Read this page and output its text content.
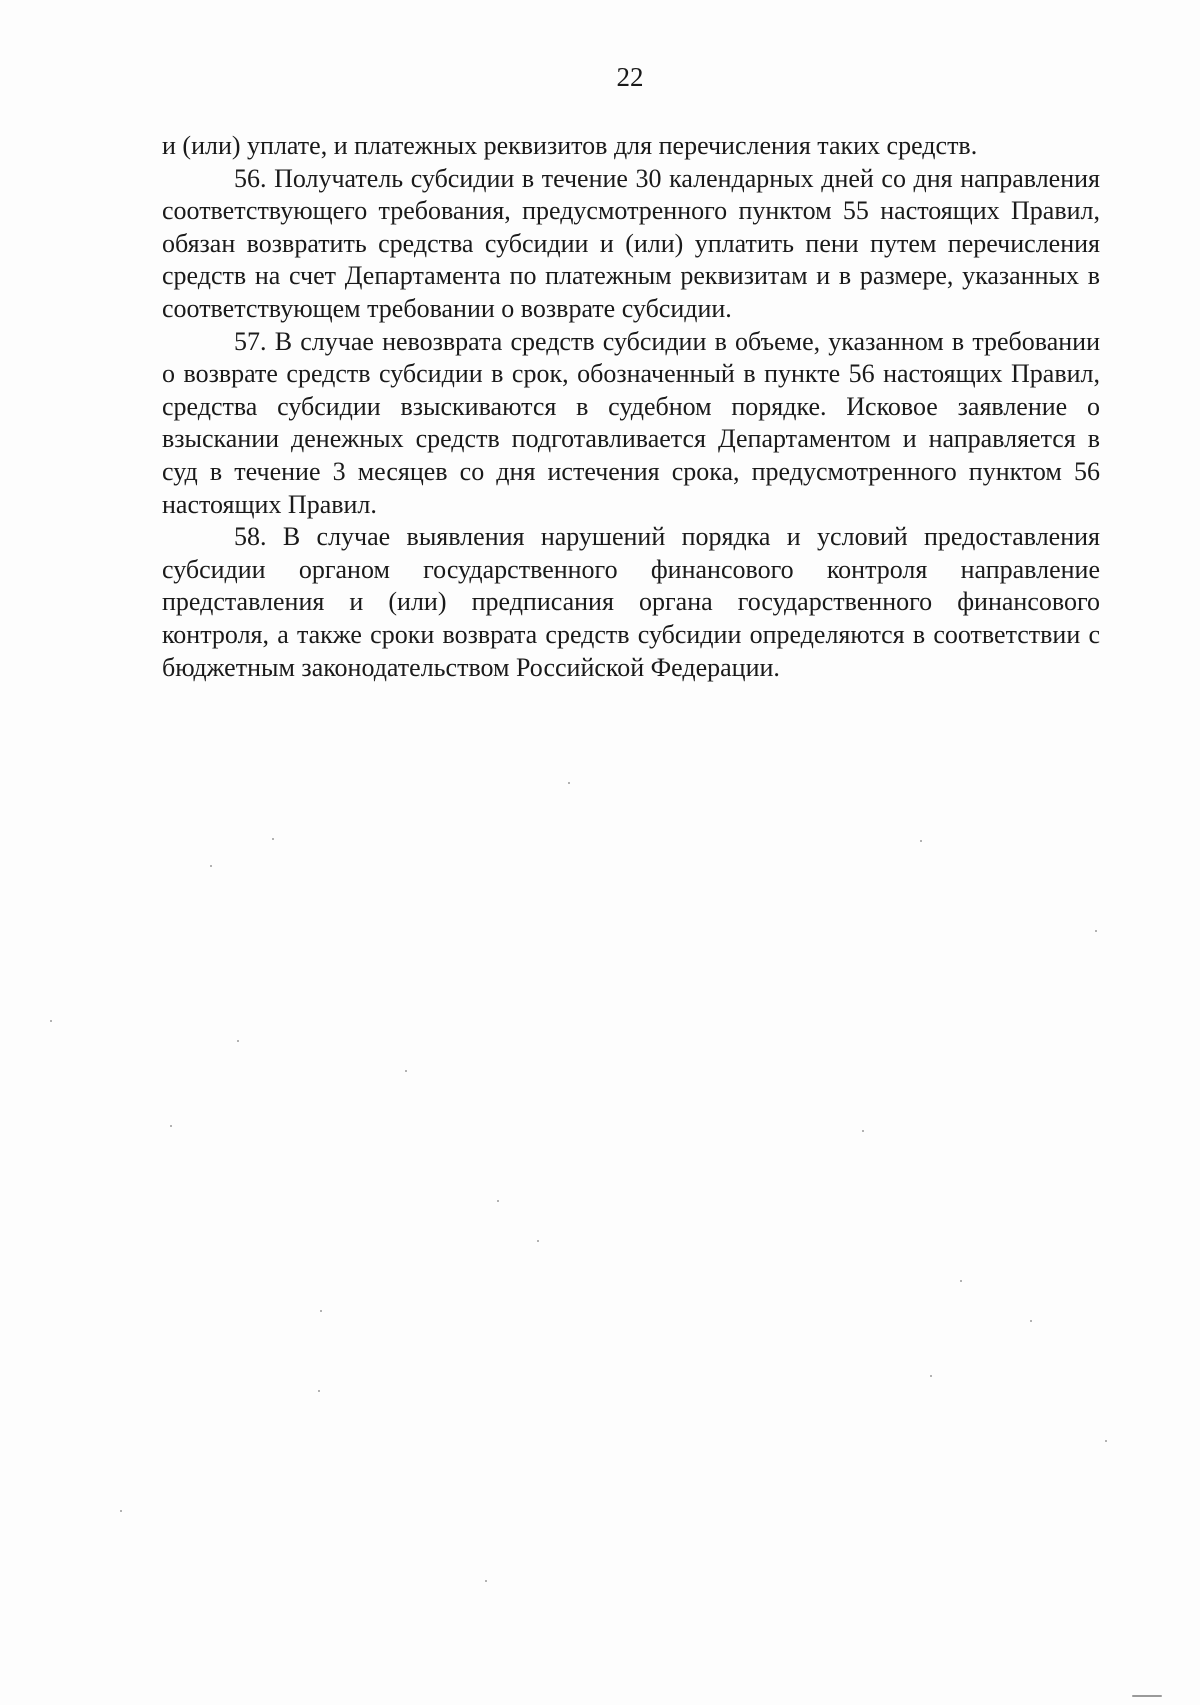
22

и (или) уплате, и платежных реквизитов для перечисления таких средств.

56. Получатель субсидии в течение 30 календарных дней со дня направления соответствующего требования, предусмотренного пунктом 55 настоящих Правил, обязан возвратить средства субсидии и (или) уплатить пени путем перечисления средств на счет Департамента по платежным реквизитам и в размере, указанных в соответствующем требовании о возврате субсидии.

57. В случае невозврата средств субсидии в объеме, указанном в требовании о возврате средств субсидии в срок, обозначенный в пункте 56 настоящих Правил, средства субсидии взыскиваются в судебном порядке. Исковое заявление о взыскании денежных средств подготавливается Департаментом и направляется в суд в течение 3 месяцев со дня истечения срока, предусмотренного пунктом 56 настоящих Правил.

58. В случае выявления нарушений порядка и условий предоставления субсидии органом государственного финансового контроля направление представления и (или) предписания органа государственного финансового контроля, а также сроки возврата средств субсидии определяются в соответствии с бюджетным законодательством Российской Федерации.
